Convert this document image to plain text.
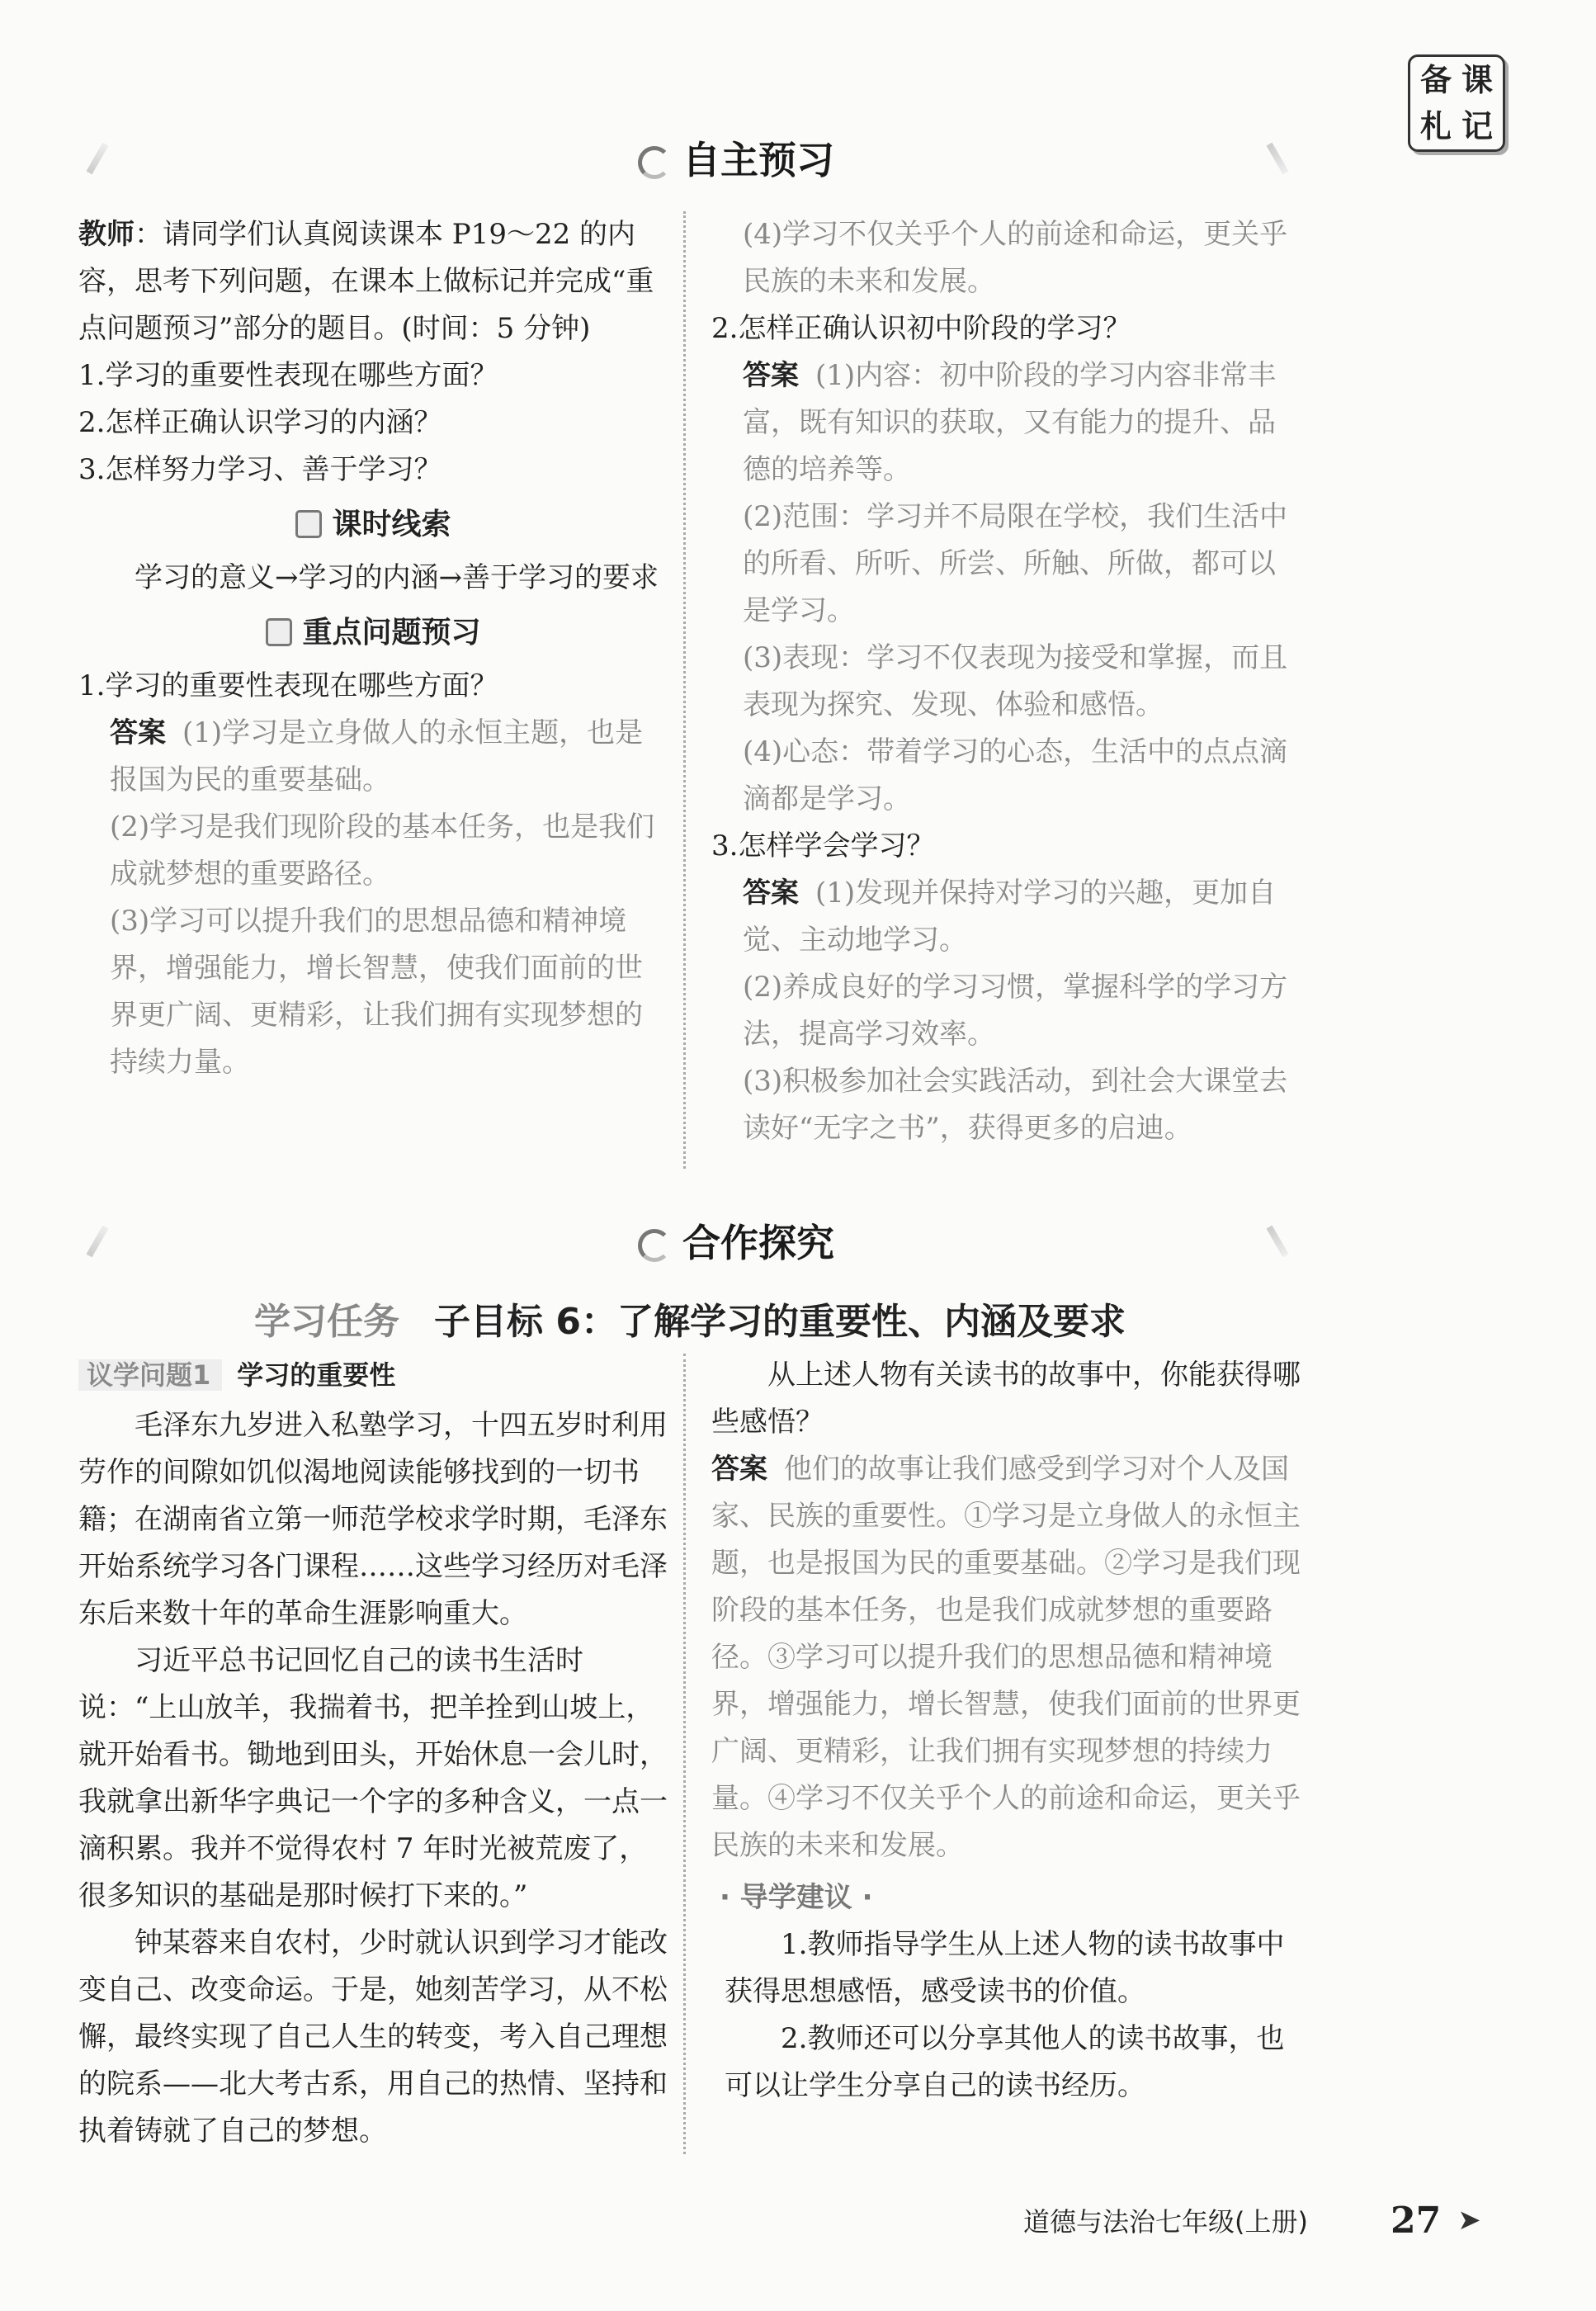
备 课
札 记
自主预习

教师：请同学们认真阅读课本 P19～22 的内容，思考下列问题，在课本上做标记并完成“重点问题预习”部分的题目。(时间：5 分钟)

1.学习的重要性表现在哪些方面？

2.怎样正确认识学习的内涵？

3.怎样努力学习、善于学习？

课时线索

学习的意义→学习的内涵→善于学习的要求

重点问题预习

1.学习的重要性表现在哪些方面？

答案 (1)学习是立身做人的永恒主题，也是报国为民的重要基础。

(2)学习是我们现阶段的基本任务，也是我们成就梦想的重要路径。

(3)学习可以提升我们的思想品德和精神境界，增强能力，增长智慧，使我们面前的世界更广阔、更精彩，让我们拥有实现梦想的持续力量。

(4)学习不仅关乎个人的前途和命运，更关乎民族的未来和发展。

2.怎样正确认识初中阶段的学习？

答案 (1)内容：初中阶段的学习内容非常丰富，既有知识的获取，又有能力的提升、品德的培养等。

(2)范围：学习并不局限在学校，我们生活中的所看、所听、所尝、所触、所做，都可以是学习。

(3)表现：学习不仅表现为接受和掌握，而且表现为探究、发现、体验和感悟。

(4)心态：带着学习的心态，生活中的点点滴滴都是学习。

3.怎样学会学习？

答案 (1)发现并保持对学习的兴趣，更加自觉、主动地学习。

(2)养成良好的学习习惯，掌握科学的学习方法，提高学习效率。

(3)积极参加社会实践活动，到社会大课堂去读好“无字之书”，获得更多的启迪。

合作探究
学习任务 子目标 6：了解学习的重要性、内涵及要求
议学问题1 学习的重要性

毛泽东九岁进入私塾学习，十四五岁时利用劳作的间隙如饥似渴地阅读能够找到的一切书籍；在湖南省立第一师范学校求学时期，毛泽东开始系统学习各门课程……这些学习经历对毛泽东后来数十年的革命生涯影响重大。

习近平总书记回忆自己的读书生活时说：“上山放羊，我揣着书，把羊拴到山坡上，就开始看书。锄地到田头，开始休息一会儿时，我就拿出新华字典记一个字的多种含义，一点一滴积累。我并不觉得农村 7 年时光被荒废了，很多知识的基础是那时候打下来的。”

钟某蓉来自农村，少时就认识到学习才能改变自己、改变命运。于是，她刻苦学习，从不松懈，最终实现了自己人生的转变，考入自己理想的院系——北大考古系，用自己的热情、坚持和执着铸就了自己的梦想。

从上述人物有关读书的故事中，你能获得哪些感悟？

答案 他们的故事让我们感受到学习对个人及国家、民族的重要性。①学习是立身做人的永恒主题，也是报国为民的重要基础。②学习是我们现阶段的基本任务，也是我们成就梦想的重要路径。③学习可以提升我们的思想品德和精神境界，增强能力，增长智慧，使我们面前的世界更广阔、更精彩，让我们拥有实现梦想的持续力量。④学习不仅关乎个人的前途和命运，更关乎民族的未来和发展。

· 导学建议 ·

1.教师指导学生从上述人物的读书故事中获得思想感悟，感受读书的价值。

2.教师还可以分享其他人的读书故事，也可以让学生分享自己的读书经历。

道德与法治七年级(上册) 27 ➤
